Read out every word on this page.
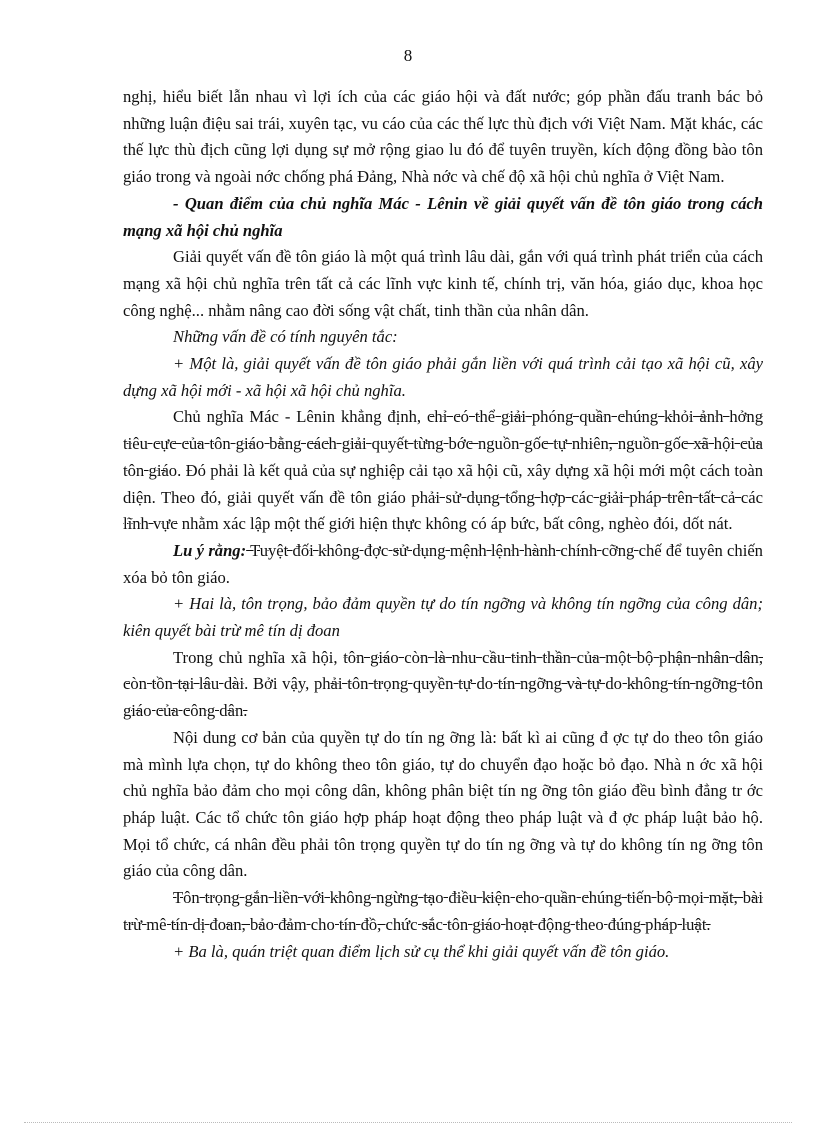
8

nghị, hiểu biết lẫn nhau vì lợi ích của các giáo hội và đất nước; góp phần đấu tranh bác bỏ những luận điệu sai trái, xuyên tạc, vu cáo của các thế lực thù địch với Việt Nam. Mặt khác, các thế lực thù địch cũng lợi dụng sự mở rộng giao lu đó để tuyên truyền, kích động đồng bào tôn giáo trong và ngoài nớc chống phá Đảng, Nhà nớc và chế độ xã hội chủ nghĩa ở Việt Nam.

- Quan điểm của chủ nghĩa Mác - Lênin về giải quyết vấn đề tôn giáo trong cách mạng xã hội chủ nghĩa

Giải quyết vấn đề tôn giáo là một quá trình lâu dài, gắn với quá trình phát triển của cách mạng xã hội chủ nghĩa trên tất cả các lĩnh vực kinh tế, chính trị, văn hóa, giáo dục, khoa học công nghệ... nhằm nâng cao đời sống vật chất, tinh thần của nhân dân.

Những vấn đề có tính nguyên tắc:

+ Một là, giải quyết vấn đề tôn giáo phải gắn liền với quá trình cải tạo xã hội cũ, xây dựng xã hội mới - xã hội xã hội chủ nghĩa.

Chủ nghĩa Mác - Lênin khẳng định, chỉ có thể giải phóng quần chúng khỏi ảnh hởng tiêu cực của tôn giáo bằng cách giải quyết từng bớc nguồn gốc tự nhiên, nguồn gốc xã hội của tôn giáo. Đó phải là kết quả của sự nghiệp cải tạo xã hội cũ, xây dựng xã hội mới một cách toàn diện. Theo đó, giải quyết vấn đề tôn giáo phải sử dụng tổng hợp các giải pháp trên tất cả các lĩnh vực nhằm xác lập một thế giới hiện thực không có áp bức, bất công, nghèo đói, dốt nát.

Lu ý rằng: Tuyệt đối không đợc sử dụng mệnh lệnh hành chính cỡng chế để tuyên chiến xóa bỏ tôn giáo.

+ Hai là, tôn trọng, bảo đảm quyền tự do tín ngỡng và không tín ngỡng của công dân; kiên quyết bài trừ mê tín dị đoan

Trong chủ nghĩa xã hội, tôn giáo còn là nhu cầu tinh thần của một bộ phận nhân dân, còn tồn tại lâu dài. Bởi vậy, phải tôn trọng quyền tự do tín ngỡng và tự do không tín ngỡng tôn giáo của công dân.

Nội dung cơ bản của quyền tự do tín ng ỡng là: bất kì ai cũng đ ợc tự do theo tôn giáo mà mình lựa chọn, tự do không theo tôn giáo, tự do chuyển đạo hoặc bỏ đạo. Nhà n ớc xã hội chủ nghĩa bảo đảm cho mọi công dân, không phân biệt tín ng ỡng tôn giáo đều bình đẳng tr ớc pháp luật. Các tổ chức tôn giáo hợp pháp hoạt động theo pháp luật và đ ợc pháp luật bảo hộ. Mọi tổ chức, cá nhân đều phải tôn trọng quyền tự do tín ng ỡng và tự do không tín ng ỡng tôn giáo của công dân.

Tôn trọng gắn liền với không ngừng tạo điều kiện cho quần chúng tiến bộ mọi mặt, bài trừ mê tín dị đoan, bảo đảm cho tín đồ, chức sắc tôn giáo hoạt động theo đúng pháp luật.

+ Ba là, quán triệt quan điểm lịch sử cụ thể khi giải quyết vấn đề tôn giáo.
